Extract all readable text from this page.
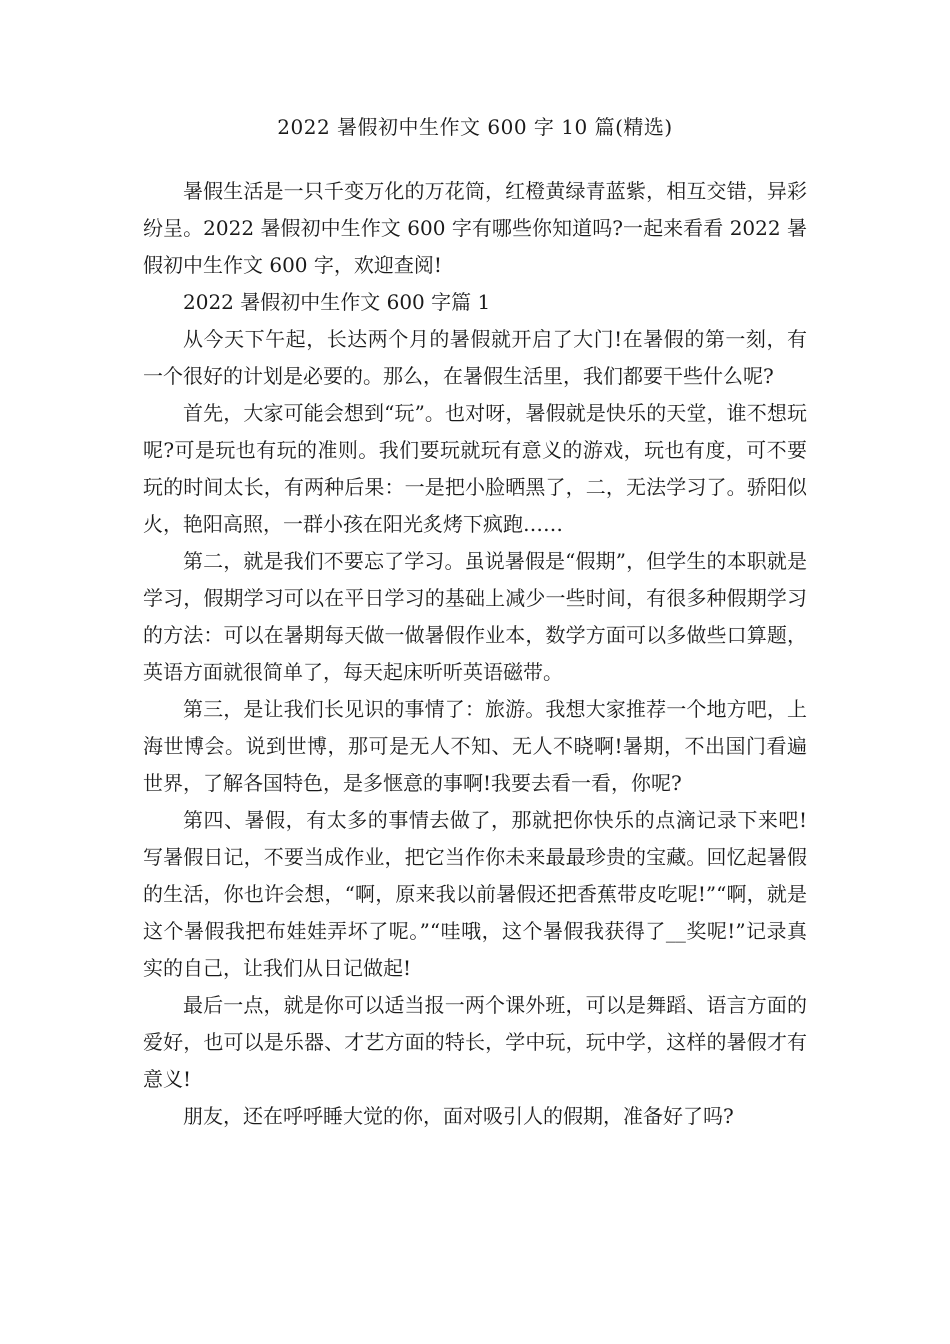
2022 暑假初中生作文 600 字 10 篇(精选)

暑假生活是一只千变万化的万花筒，红橙黄绿青蓝紫，相互交错，异彩纷呈。2022 暑假初中生作文 600 字有哪些你知道吗?一起来看看 2022 暑假初中生作文 600 字，欢迎查阅!

2022 暑假初中生作文 600 字篇 1

从今天下午起，长达两个月的暑假就开启了大门!在暑假的第一刻，有一个很好的计划是必要的。那么，在暑假生活里，我们都要干些什么呢?

首先，大家可能会想到“玩”。也对呀，暑假就是快乐的天堂，谁不想玩呢?可是玩也有玩的准则。我们要玩就玩有意义的游戏，玩也有度，可不要玩的时间太长，有两种后果：一是把小脸晒黑了，二，无法学习了。骄阳似火，艳阳高照，一群小孩在阳光炙烤下疯跑……

第二，就是我们不要忘了学习。虽说暑假是“假期”，但学生的本职就是学习，假期学习可以在平日学习的基础上减少一些时间，有很多种假期学习的方法：可以在暑期每天做一做暑假作业本，数学方面可以多做些口算题，英语方面就很简单了，每天起床听听英语磁带。

第三，是让我们长见识的事情了：旅游。我想大家推荐一个地方吧，上海世博会。说到世博，那可是无人不知、无人不晓啊!暑期，不出国门看遍世界，了解各国特色，是多惬意的事啊!我要去看一看，你呢?

第四、暑假，有太多的事情去做了，那就把你快乐的点滴记录下来吧!写暑假日记，不要当成作业，把它当作你未来最最珍贵的宝藏。回忆起暑假的生活，你也许会想，“啊，原来我以前暑假还把香蕉带皮吃呢!”“啊，就是这个暑假我把布娃娃弄坏了呢。”“哇哦，这个暑假我获得了__奖呢!”记录真实的自己，让我们从日记做起!

最后一点，就是你可以适当报一两个课外班，可以是舞蹈、语言方面的爱好，也可以是乐器、才艺方面的特长，学中玩，玩中学，这样的暑假才有意义!

朋友，还在呼呼睡大觉的你，面对吸引人的假期，准备好了吗?
